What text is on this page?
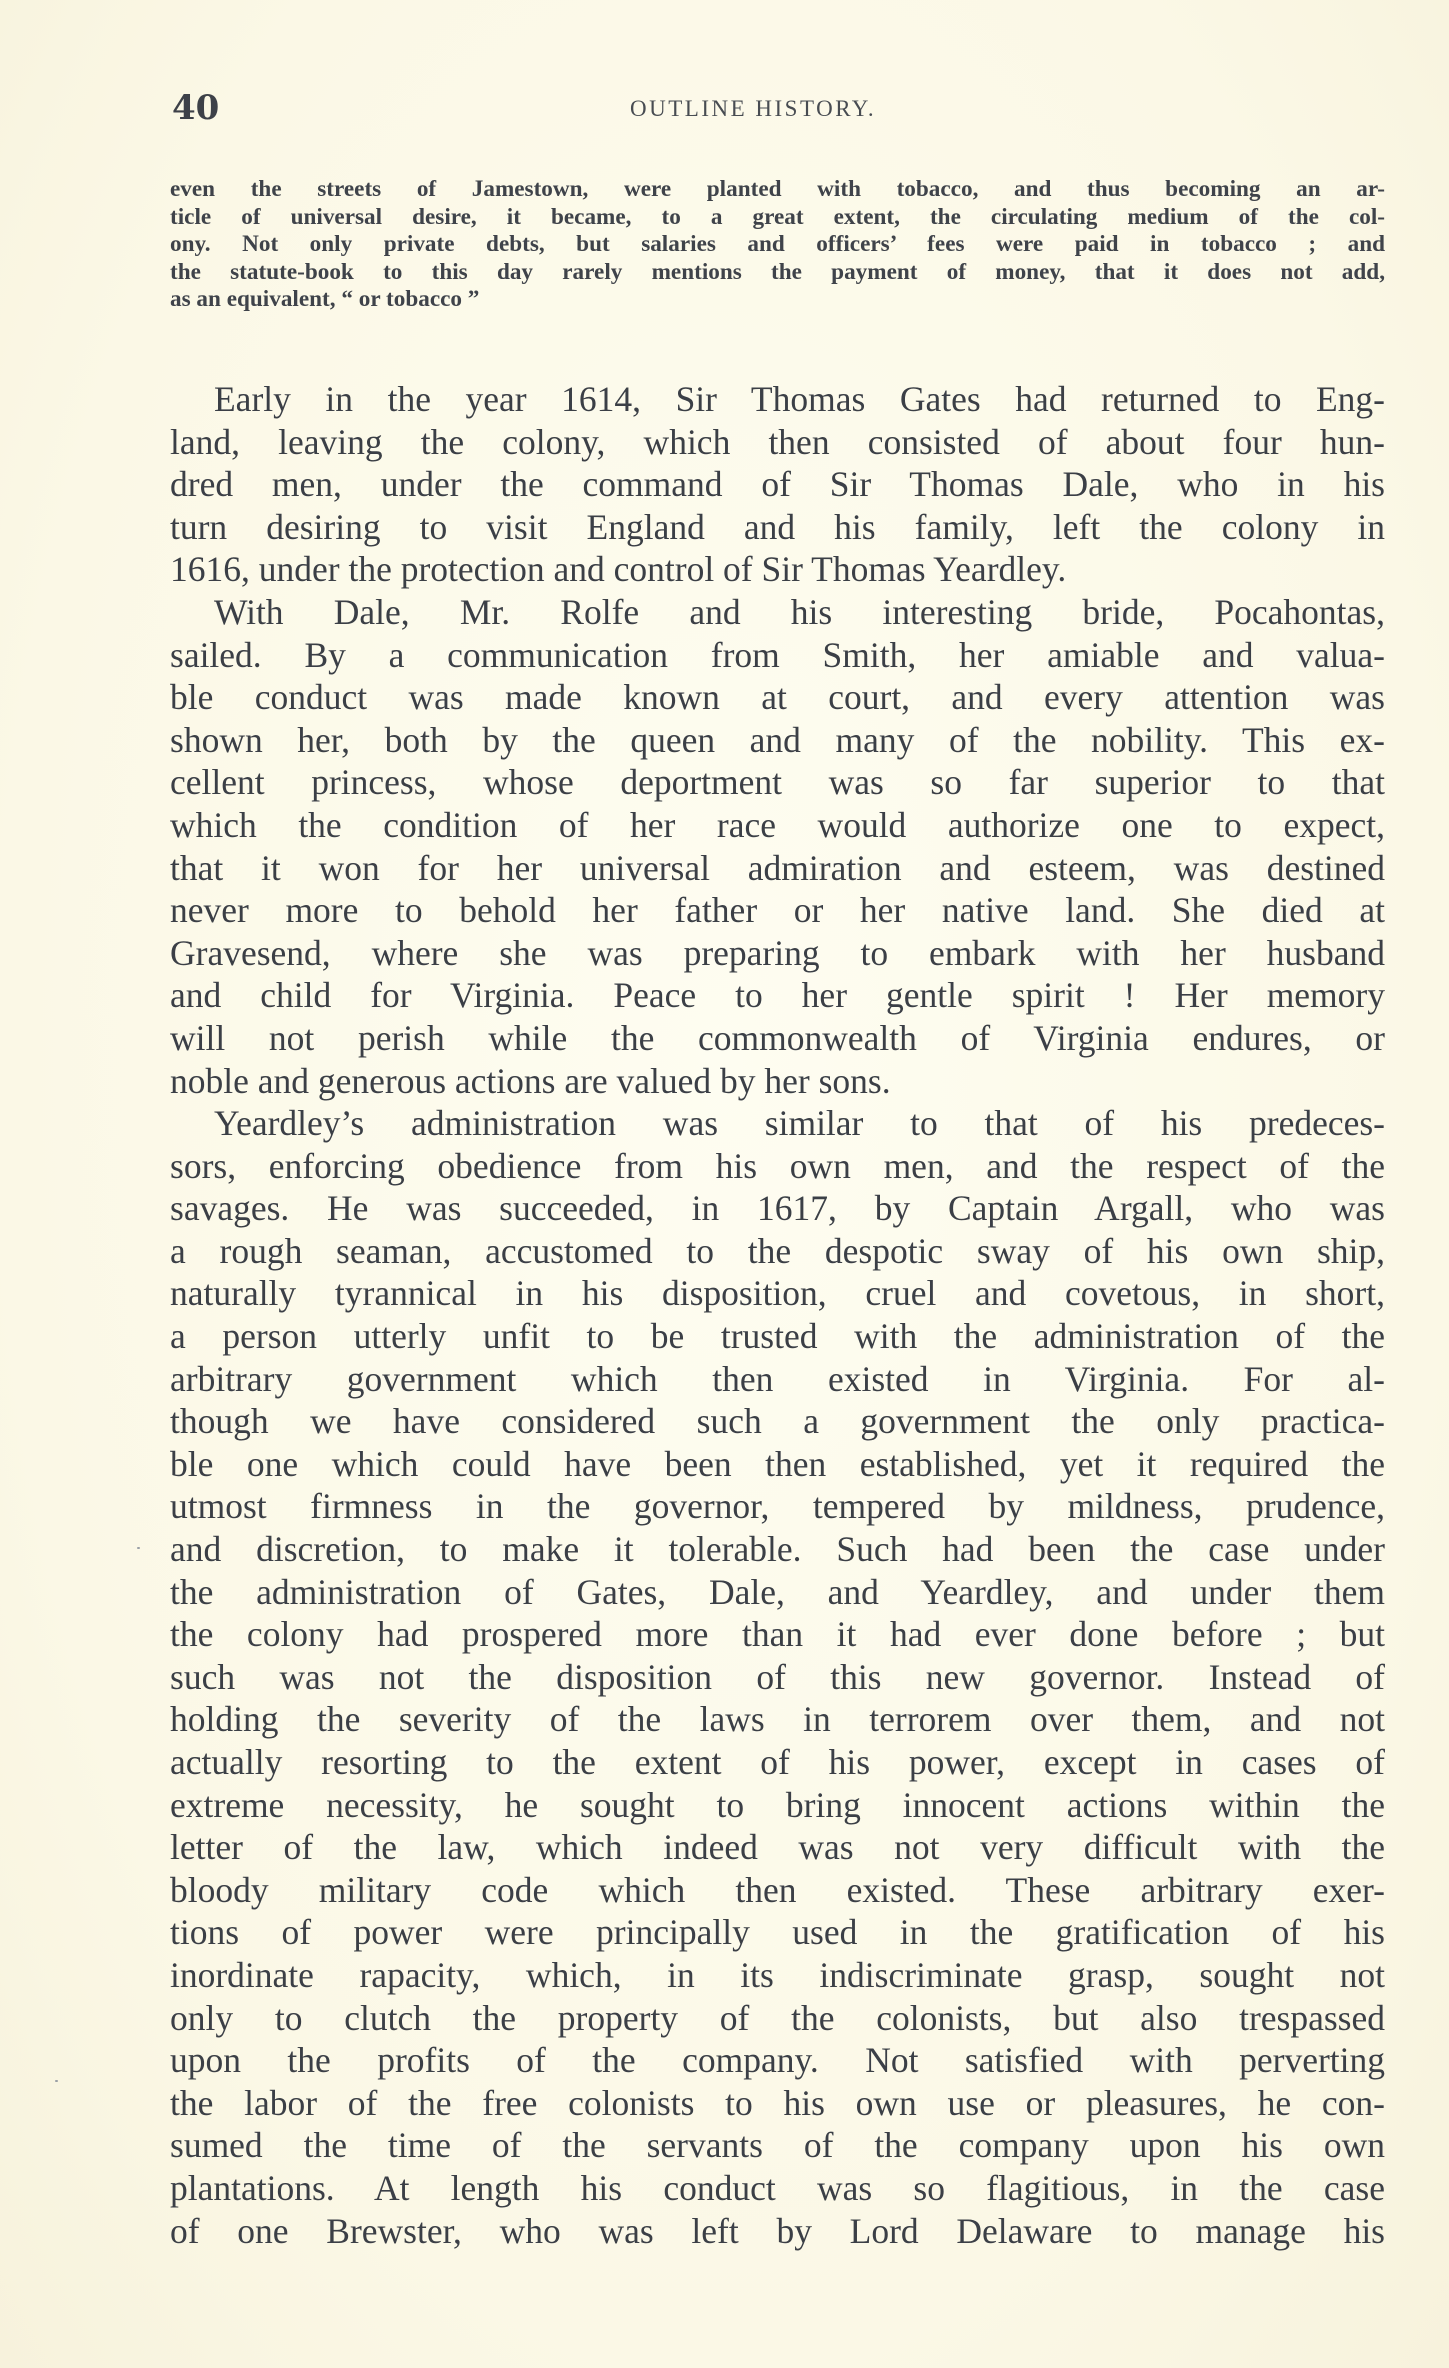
40	OUTLINE HISTORY.
even the streets of Jamestown, were planted with tobacco, and thus becoming an ar-
ticle of universal desire, it became, to a great extent, the circulating medium of the col-
ony. Not only private debts, but salaries and officers’ fees were paid in tobacco ; and
the statute-book to this day rarely mentions the payment of money, that it does not add,
as an equivalent, “ or tobacco ”
Early in the year 1614, Sir Thomas Gates had returned to Eng-
land, leaving the colony, which then consisted of about four hun-
dred men, under the command of Sir Thomas Dale, who in his
turn desiring to visit England and his family, left the colony in
1616, under the protection and control of Sir Thomas Yeardley.
With Dale, Mr. Rolfe and his interesting bride, Pocahontas,
sailed. By a communication from Smith, her amiable and valua-
ble conduct was made known at court, and every attention was
shown her, both by the queen and many of the nobility. This ex-
cellent princess, whose deportment was so far superior to that
which the condition of her race would authorize one to expect,
that it won for her universal admiration and esteem, was destined
never more to behold her father or her native land. She died at
Gravesend, where she was preparing to embark with her husband
and child for Virginia. Peace to her gentle spirit ! Her memory
will not perish while the commonwealth of Virginia endures, or
noble and generous actions are valued by her sons.
Yeardley’s administration was similar to that of his predeces-
sors, enforcing obedience from his own men, and the respect of the
savages. He was succeeded, in 1617, by Captain Argall, who was
a rough seaman, accustomed to the despotic sway of his own ship,
naturally tyrannical in his disposition, cruel and covetous, in short,
a person utterly unfit to be trusted with the administration of the
arbitrary government which then existed in Virginia. For al-
though we have considered such a government the only practica-
ble one which could have been then established, yet it required the
utmost firmness in the governor, tempered by mildness, prudence,
and discretion, to make it tolerable. Such had been the case under
the administration of Gates, Dale, and Yeardley, and under them
the colony had prospered more than it had ever done before ; but
such was not the disposition of this new governor. Instead of
holding the severity of the laws in terrorem over them, and not
actually resorting to the extent of his power, except in cases of
extreme necessity, he sought to bring innocent actions within the
letter of the law, which indeed was not very difficult with the
bloody military code which then existed. These arbitrary exer-
tions of power were principally used in the gratification of his
inordinate rapacity, which, in its indiscriminate grasp, sought not
only to clutch the property of the colonists, but also trespassed
upon the profits of the company. Not satisfied with perverting
the labor of the free colonists to his own use or pleasures, he con-
sumed the time of the servants of the company upon his own
plantations. At length his conduct was so flagitious, in the case
of one Brewster, who was left by Lord Delaware to manage his
